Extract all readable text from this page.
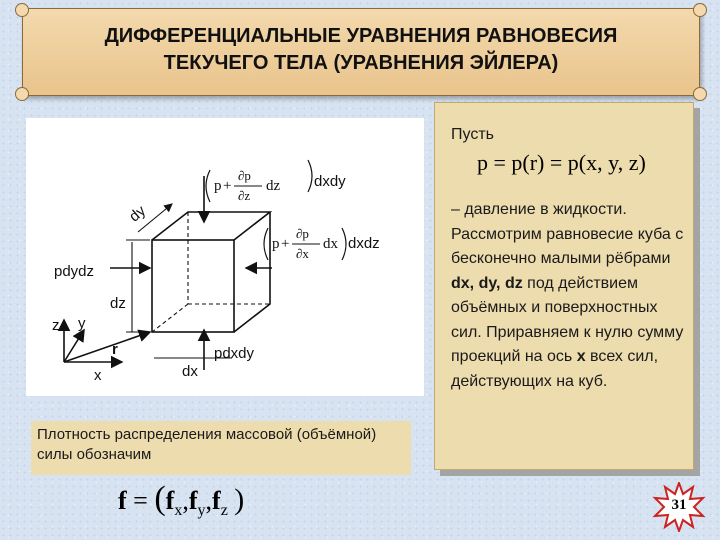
ДИФФЕРЕНЦИАЛЬНЫЕ УРАВНЕНИЯ РАВНОВЕСИЯ
ТЕКУЧЕГО ТЕЛА (УРАВНЕНИЯ ЭЙЛЕРА)
p +
∂p
∂z
dz dxdy
p +
∂p
∂x
dx dxdz
pdydz
pdxdy
dy
dz
dx
z y
x
r
Плотность распределения массовой (объёмной) силы обозначим
$f = (f_x,f_y,f_z$ )
Пусть
p = p(r) = p(x, y, z)
– давление в жидкости. Рассмотрим равновесие куба с бесконечно малыми рёбрами dx, dy, dz под действием объёмных и поверхностных сил. Приравняем к нулю сумму проекций на ось x всех сил, действующих на куб.
31
